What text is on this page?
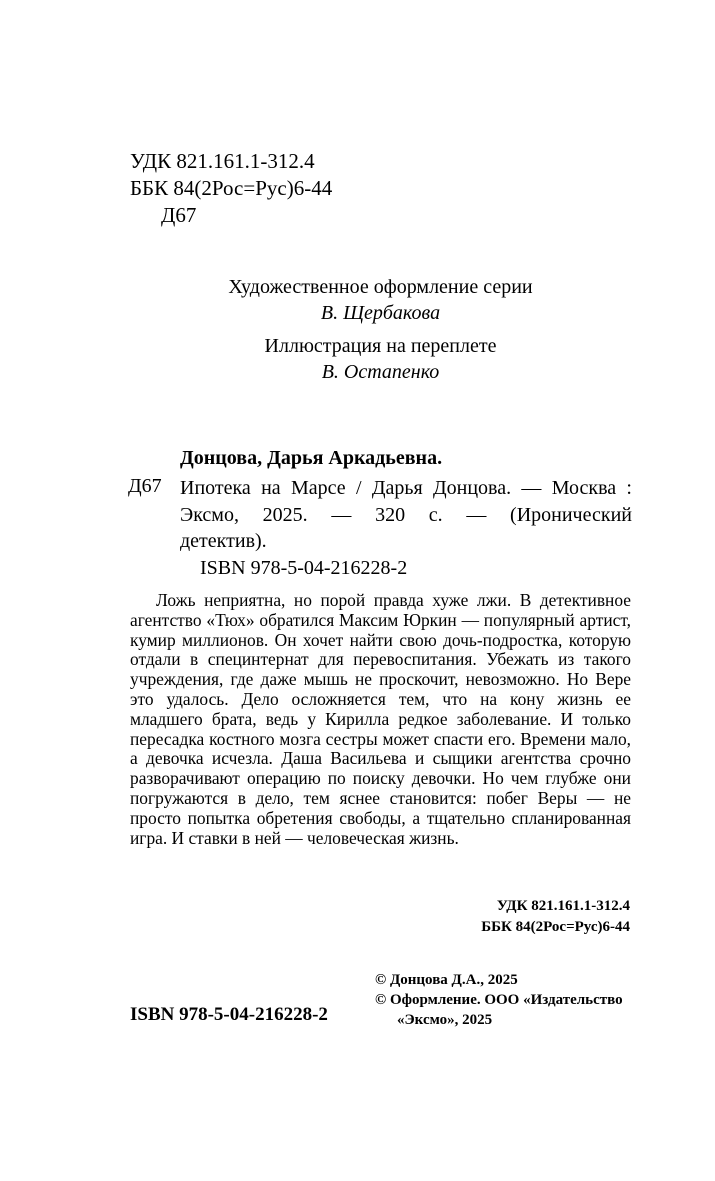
УДК 821.161.1-312.4
ББК 84(2Рос=Рус)6-44
Д67
Художественное оформление серии
В. Щербакова
Иллюстрация на переплете
В. Остапенко
Донцова, Дарья Аркадьевна.
Д67 Ипотека на Марсе / Дарья Донцова. — Москва : Эксмо, 2025. — 320 с. — (Иронический детектив).
ISBN 978-5-04-216228-2
Ложь неприятна, но порой правда хуже лжи. В детективное агентство «Тюх» обратился Максим Юркин — популярный артист, кумир миллионов. Он хочет найти свою дочь-подростка, которую отдали в специнтернат для перевоспитания. Убежать из такого учреждения, где даже мышь не проскочит, невозможно. Но Вере это удалось. Дело осложняется тем, что на кону жизнь ее младшего брата, ведь у Кирилла редкое заболевание. И только пересадка костного мозга сестры может спасти его. Времени мало, а девочка исчезла. Даша Васильева и сыщики агентства срочно разворачивают операцию по поиску девочки. Но чем глубже они погружаются в дело, тем яснее становится: побег Веры — не просто попытка обретения свободы, а тщательно спланированная игра. И ставки в ней — человеческая жизнь.
УДК 821.161.1-312.4
ББК 84(2Рос=Рус)6-44
© Донцова Д.А., 2025
© Оформление. ООО «Издательство
«Эксмо», 2025
ISBN 978-5-04-216228-2
